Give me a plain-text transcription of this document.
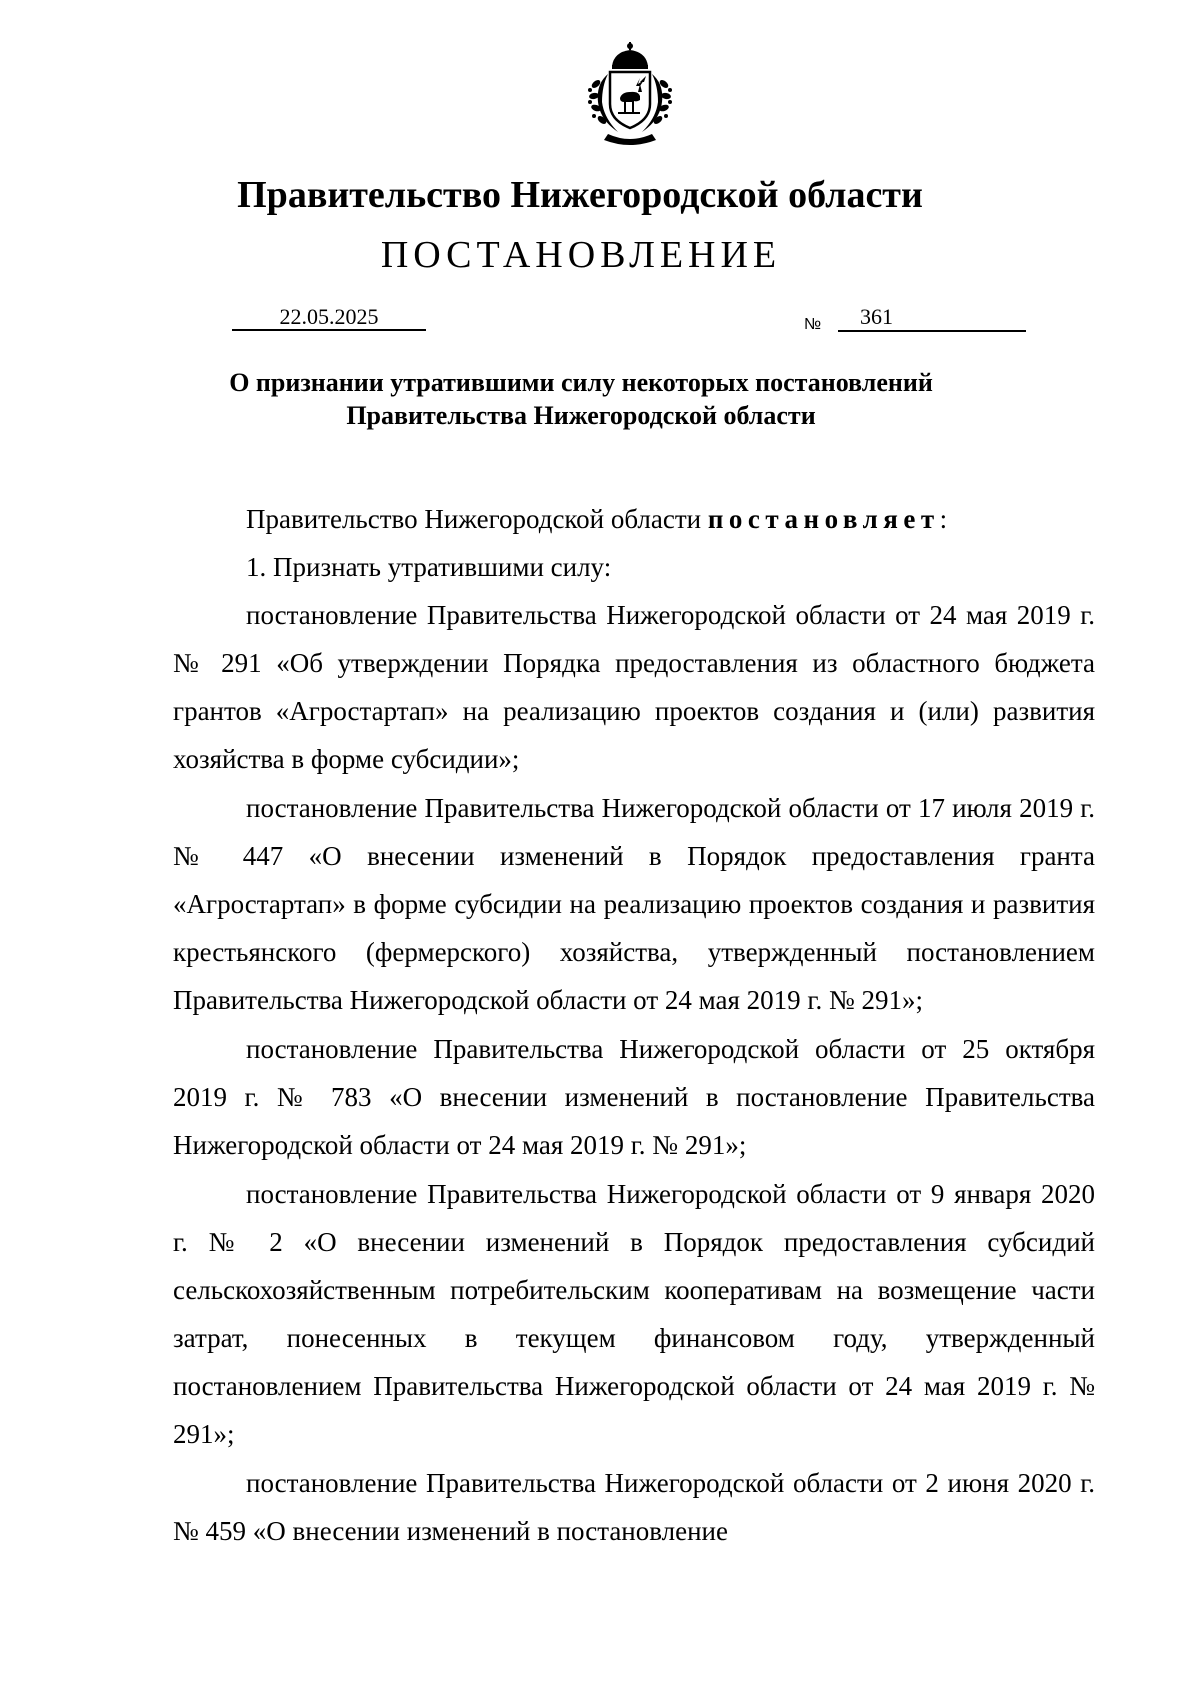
Правительство Нижегородской области
ПОСТАНОВЛЕНИЕ
22.05.2025	№ 361
О признании утратившими силу некоторых постановлений
Правительства Нижегородской области

Правительство Нижегородской области постановляет:

1. Признать утратившими силу:

постановление Правительства Нижегородской области от 24 мая 2019 г. № 291 «Об утверждении Порядка предоставления из областного бюджета грантов «Агростартап» на реализацию проектов создания и (или) развития хозяйства в форме субсидии»;

постановление Правительства Нижегородской области от 17 июля 2019 г. № 447 «О внесении изменений в Порядок предоставления гранта «Агростартап» в форме субсидии на реализацию проектов создания и развития крестьянского (фермерского) хозяйства, утвержденный постановлением Правительства Нижегородской области от 24 мая 2019 г. № 291»;

постановление Правительства Нижегородской области от 25 октября 2019 г. № 783 «О внесении изменений в постановление Правительства Нижегородской области от 24 мая 2019 г. № 291»;

постановление Правительства Нижегородской области от 9 января 2020 г. № 2 «О внесении изменений в Порядок предоставления субсидий сельскохозяйственным потребительским кооперативам на возмещение части затрат, понесенных в текущем финансовом году, утвержденный постановлением Правительства Нижегородской области от 24 мая 2019 г. № 291»;

постановление Правительства Нижегородской области от 2 июня 2020 г. № 459 «О внесении изменений в постановление
